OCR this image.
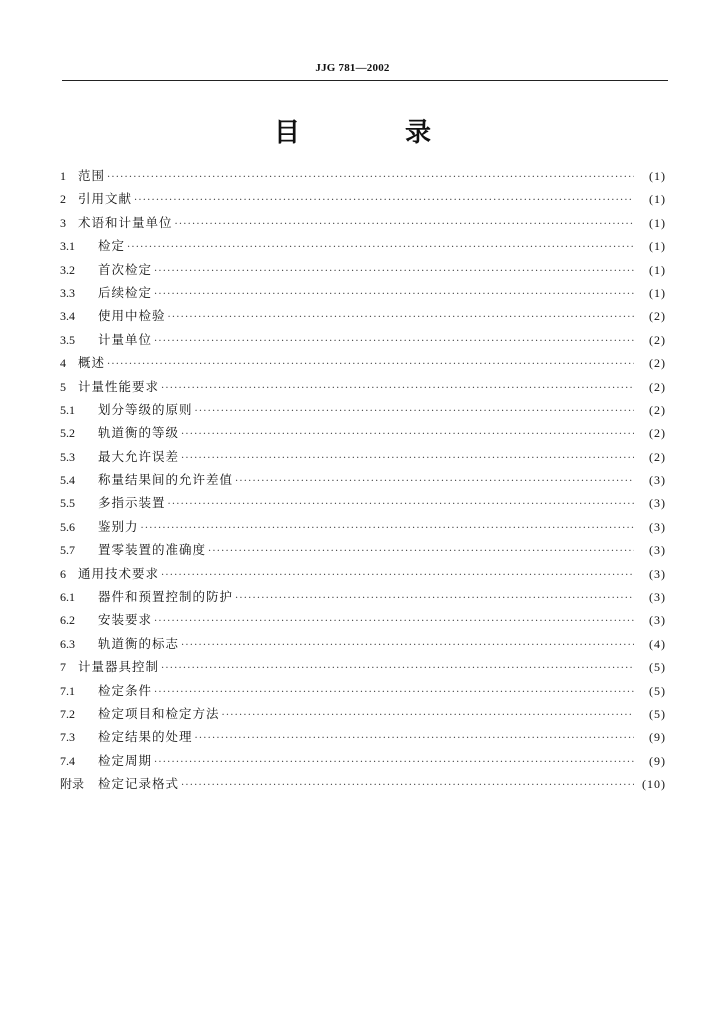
JJG 781—2002
目 录
1 范围 ·····	(1)
2 引用文献 ·····	(1)
3 术语和计量单位 ·····	(1)
3.1	检定 ·····	(1)
3.2	首次检定 ·····	(1)
3.3	后续检定 ·····	(1)
3.4	使用中检验 ·····	(2)
3.5	计量单位 ·····	(2)
4 概述 ·····	(2)
5 计量性能要求 ·····	(2)
5.1	划分等级的原则 ·····	(2)
5.2	轨道衡的等级 ·····	(2)
5.3	最大允许误差 ·····	(2)
5.4	称量结果间的允许差值 ·····	(3)
5.5	多指示装置 ·····	(3)
5.6	鉴别力 ·····	(3)
5.7	置零装置的准确度 ·····	(3)
6 通用技术要求 ·····	(3)
6.1	器件和预置控制的防护 ·····	(3)
6.2	安装要求 ·····	(3)
6.3	轨道衡的标志 ·····	(4)
7 计量器具控制 ·····	(5)
7.1	检定条件 ·····	(5)
7.2	检定项目和检定方法 ·····	(5)
7.3	检定结果的处理 ·····	(9)
7.4	检定周期 ·····	(9)
附录	检定记录格式 ·····	(10)
